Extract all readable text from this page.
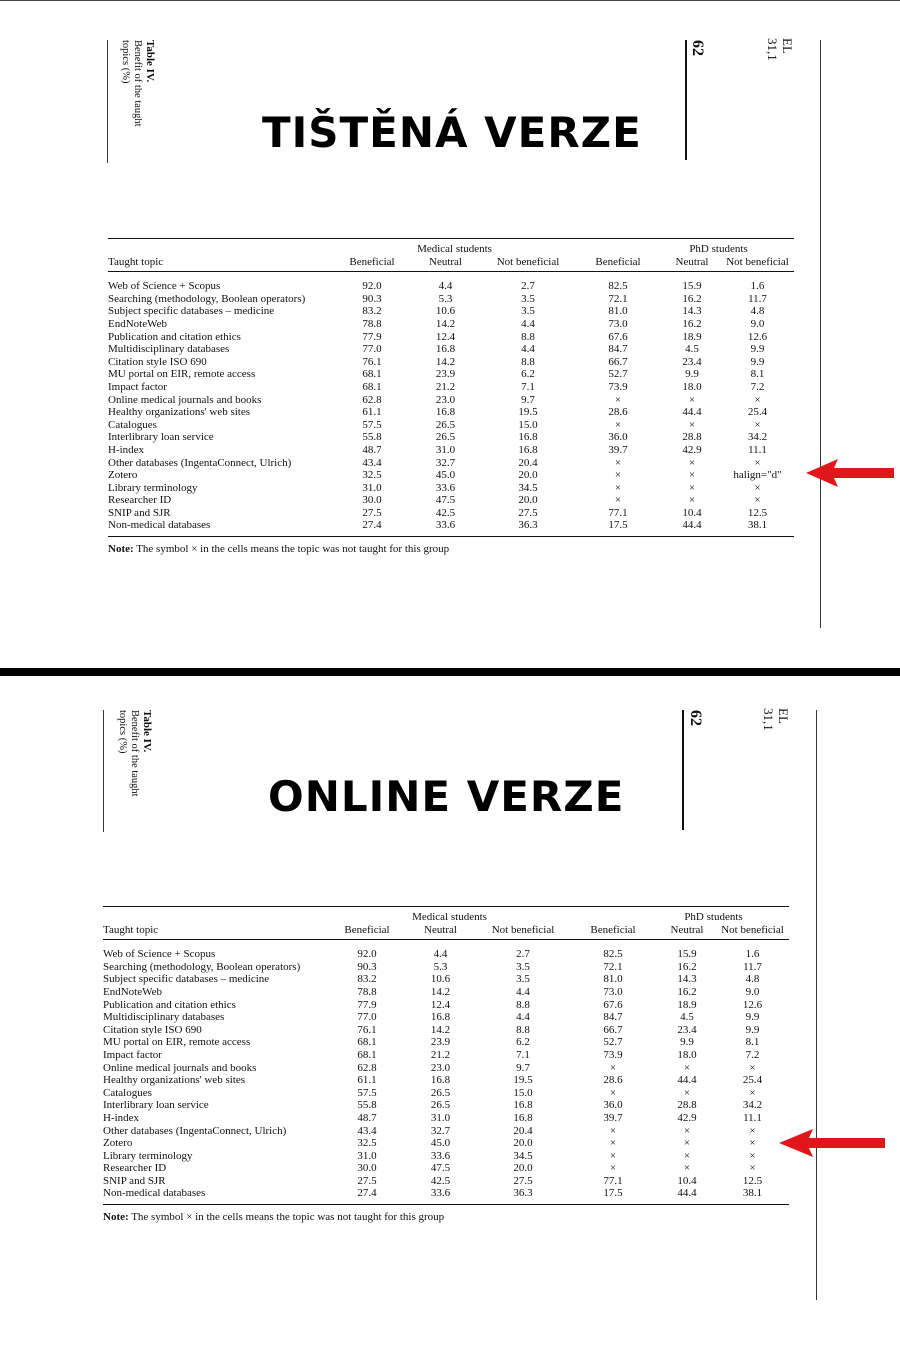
Table IV.
Benefit of the taught
topics (%)	62	EL
31,1
TIŠTĚNÁ VERZE
	Medical students			PhD students		
Taught topic	Beneficial	Neutral	Not beneficial	Beneficial	Neutral	Not beneficial
Web of Science + Scopus	92.0	4.4	2.7	82.5	15.9	1.6
Searching (methodology, Boolean operators)	90.3	5.3	3.5	72.1	16.2	11.7
Subject specific databases – medicine	83.2	10.6	3.5	81.0	14.3	4.8
EndNoteWeb	78.8	14.2	4.4	73.0	16.2	9.0
Publication and citation ethics	77.9	12.4	8.8	67.6	18.9	12.6
Multidisciplinary databases	77.0	16.8	4.4	84.7	4.5	9.9
Citation style ISO 690	76.1	14.2	8.8	66.7	23.4	9.9
MU portal on EIR, remote access	68.1	23.9	6.2	52.7	9.9	8.1
Impact factor	68.1	21.2	7.1	73.9	18.0	7.2
Online medical journals and books	62.8	23.0	9.7	×	×	×
Healthy organizations' web sites	61.1	16.8	19.5	28.6	44.4	25.4
Catalogues	57.5	26.5	15.0	×	×	×
Interlibrary loan service	55.8	26.5	16.8	36.0	28.8	34.2
H-index	48.7	31.0	16.8	39.7	42.9	11.1
Other databases (IngentaConnect, Ulrich)	43.4	32.7	20.4	×	×	×
Zotero	32.5	45.0	20.0	×	×	halign="d"
Library terminology	31.0	33.6	34.5	×	×	×
Researcher ID	30.0	47.5	20.0	×	×	×
SNIP and SJR	27.5	42.5	27.5	77.1	10.4	12.5
Non-medical databases	27.4	33.6	36.3	17.5	44.4	38.1
Note: The symbol × in the cells means the topic was not taught for this group						
Table IV.
Benefit of the taught
topics (%)	62	EL
31,1
ONLINE VERZE
	Medical students			PhD students		
Taught topic	Beneficial	Neutral	Not beneficial	Beneficial	Neutral	Not beneficial
Web of Science + Scopus	92.0	4.4	2.7	82.5	15.9	1.6
Searching (methodology, Boolean operators)	90.3	5.3	3.5	72.1	16.2	11.7
Subject specific databases – medicine	83.2	10.6	3.5	81.0	14.3	4.8
EndNoteWeb	78.8	14.2	4.4	73.0	16.2	9.0
Publication and citation ethics	77.9	12.4	8.8	67.6	18.9	12.6
Multidisciplinary databases	77.0	16.8	4.4	84.7	4.5	9.9
Citation style ISO 690	76.1	14.2	8.8	66.7	23.4	9.9
MU portal on EIR, remote access	68.1	23.9	6.2	52.7	9.9	8.1
Impact factor	68.1	21.2	7.1	73.9	18.0	7.2
Online medical journals and books	62.8	23.0	9.7	×	×	×
Healthy organizations' web sites	61.1	16.8	19.5	28.6	44.4	25.4
Catalogues	57.5	26.5	15.0	×	×	×
Interlibrary loan service	55.8	26.5	16.8	36.0	28.8	34.2
H-index	48.7	31.0	16.8	39.7	42.9	11.1
Other databases (IngentaConnect, Ulrich)	43.4	32.7	20.4	×	×	×
Zotero	32.5	45.0	20.0	×	×	×
Library terminology	31.0	33.6	34.5	×	×	×
Researcher ID	30.0	47.5	20.0	×	×	×
SNIP and SJR	27.5	42.5	27.5	77.1	10.4	12.5
Non-medical databases	27.4	33.6	36.3	17.5	44.4	38.1
Note: The symbol × in the cells means the topic was not taught for this group						
